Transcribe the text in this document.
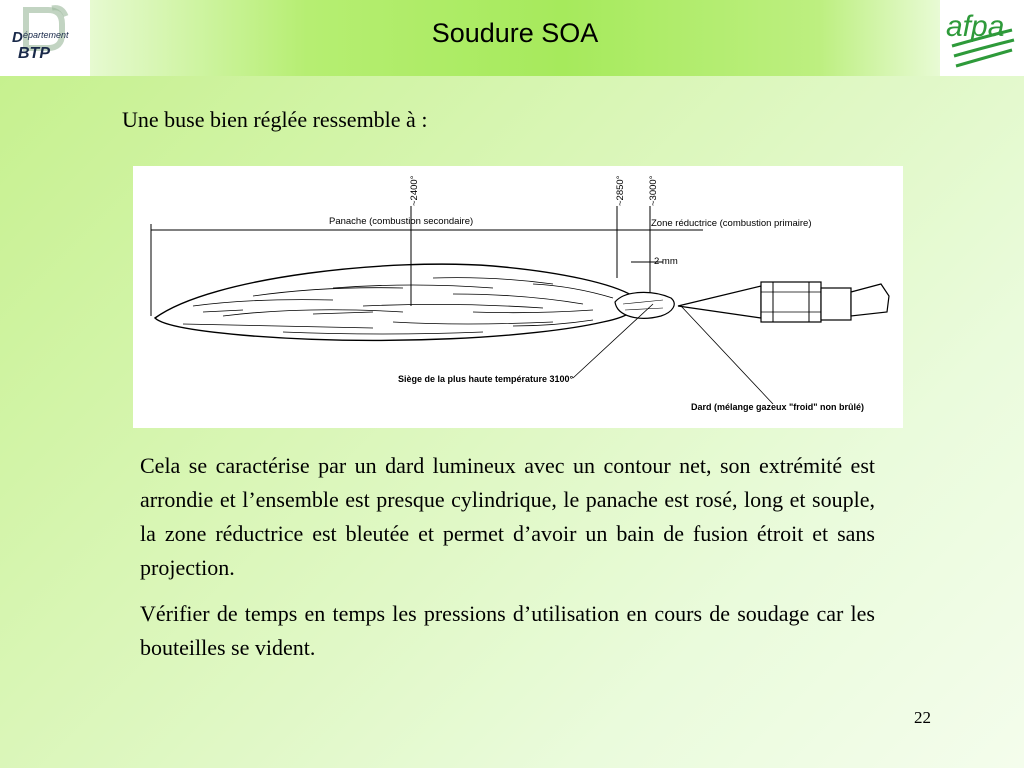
D épartement
BTP
Soudure SOA	afpa
Une buse bien réglée ressemble à :
~2400°	~2850° ~3000°
Panache (combustion secondaire)	Zone réductrice (combustion primaire)
2 mm
Siège de la plus haute température 3100°
Dard (mélange gazeux "froid" non brûlé)

Cela se caractérise par un dard lumineux avec un contour net, son extrémité est arrondie et l’ensemble est presque cylindrique, le panache est rosé, long et souple, la zone réductrice est bleutée et permet d’avoir un bain de fusion étroit et sans projection.

Vérifier de temps en temps les pressions d’utilisation en cours de soudage car les bouteilles se vident.

22
